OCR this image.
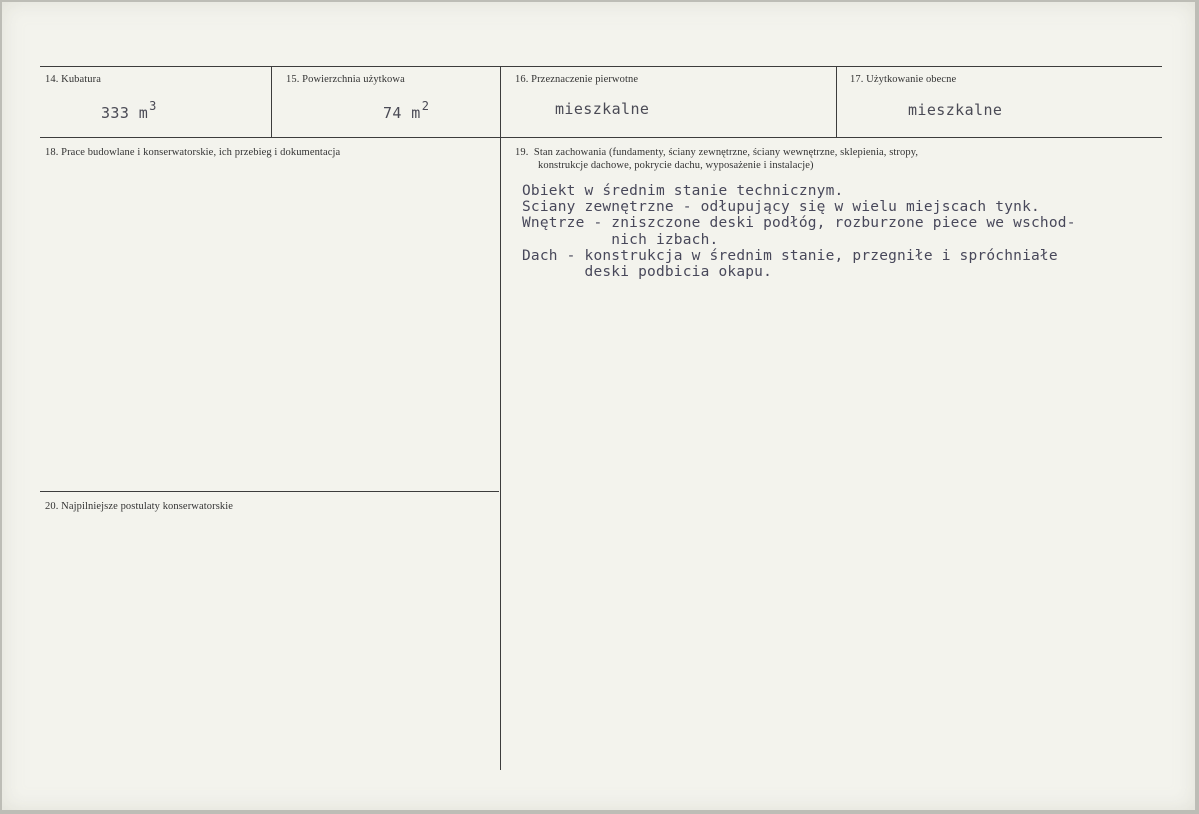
14. Kubatura
333 $m^3$
15. Powierzchnia użytkowa
74 $m^2$
16. Przeznaczenie pierwotne
mieszkalne
17. Użytkowanie obecne
mieszkalne
18. Prace budowlane i konserwatorskie, ich przebieg i dokumentacja	19.  Stan zachowania (fundamenty, ściany zewnętrzne, ściany wewnętrzne, sklepienia, stropy,
konstrukcje dachowe, pokrycie dachu, wyposażenie i instalacje)
Obiekt w średnim stanie technicznym.
Sciany zewnętrzne - odłupujący się w wielu miejscach tynk.
Wnętrze - zniszczone deski podłóg, rozburzone piece we wschod-
nich izbach.
Dach - konstrukcja w średnim stanie, przegniłe i spróchniałe
deski podbicia okapu.
20. Najpilniejsze postulaty konserwatorskie
